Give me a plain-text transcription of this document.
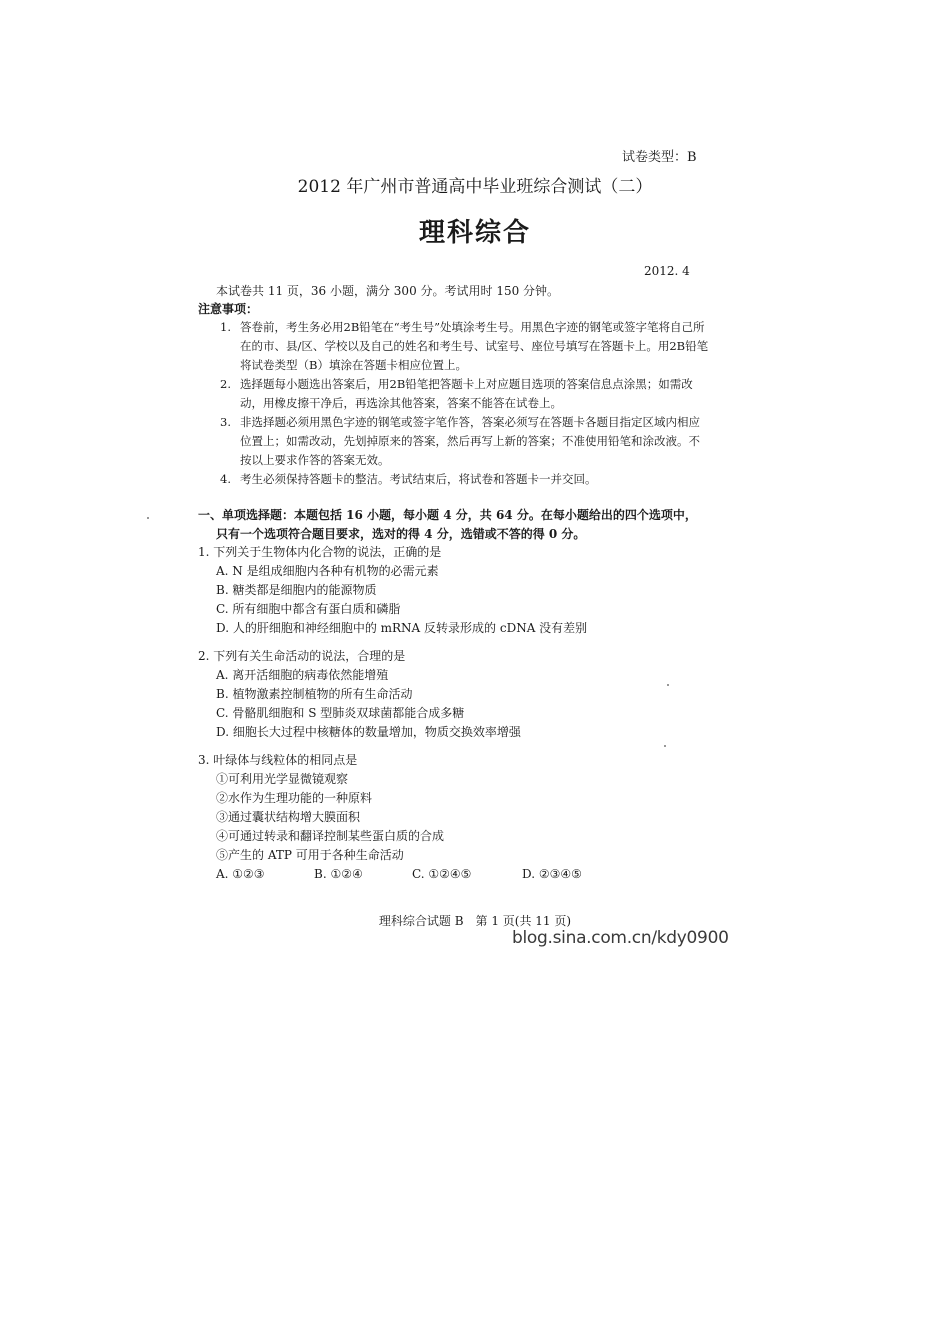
试卷类型：B
2012 年广州市普通高中毕业班综合测试（二）
理科综合
2012. 4
本试卷共 11 页，36 小题，满分 300 分。考试用时 150 分钟。
注意事项：
1. 答卷前，考生务必用2B铅笔在“考生号”处填涂考生号。用黑色字迹的钢笔或签字笔将自己所在的市、县/区、学校以及自己的姓名和考生号、试室号、座位号填写在答题卡上。用2B铅笔将试卷类型（B）填涂在答题卡相应位置上。
2. 选择题每小题选出答案后，用2B铅笔把答题卡上对应题目选项的答案信息点涂黑；如需改动，用橡皮擦干净后，再选涂其他答案，答案不能答在试卷上。
3. 非选择题必须用黑色字迹的钢笔或签字笔作答，答案必须写在答题卡各题目指定区域内相应位置上；如需改动，先划掉原来的答案，然后再写上新的答案；不准使用铅笔和涂改液。不按以上要求作答的答案无效。
4. 考生必须保持答题卡的整洁。考试结束后，将试卷和答题卡一并交回。
一、单项选择题：本题包括 16 小题，每小题 4 分，共 64 分。在每小题给出的四个选项中，
只有一个选项符合题目要求，选对的得 4 分，选错或不答的得 0 分。
1. 下列关于生物体内化合物的说法，正确的是
A. N 是组成细胞内各种有机物的必需元素
B. 糖类都是细胞内的能源物质
C. 所有细胞中都含有蛋白质和磷脂
D. 人的肝细胞和神经细胞中的 mRNA 反转录形成的 cDNA 没有差别
2. 下列有关生命活动的说法，合理的是
A. 离开活细胞的病毒依然能增殖
B. 植物激素控制植物的所有生命活动
C. 骨骼肌细胞和 S 型肺炎双球菌都能合成多糖
D. 细胞长大过程中核糖体的数量增加，物质交换效率增强
3. 叶绿体与线粒体的相同点是
①可利用光学显微镜观察
②水作为生理功能的一种原料
③通过囊状结构增大膜面积
④可通过转录和翻译控制某些蛋白质的合成
⑤产生的 ATP 可用于各种生命活动
A. ①②③	B. ①②④	C. ①②④⑤	D. ②③④⑤
理科综合试题 B　第 1 页(共 11 页)
blog.sina.com.cn/kdy0900
